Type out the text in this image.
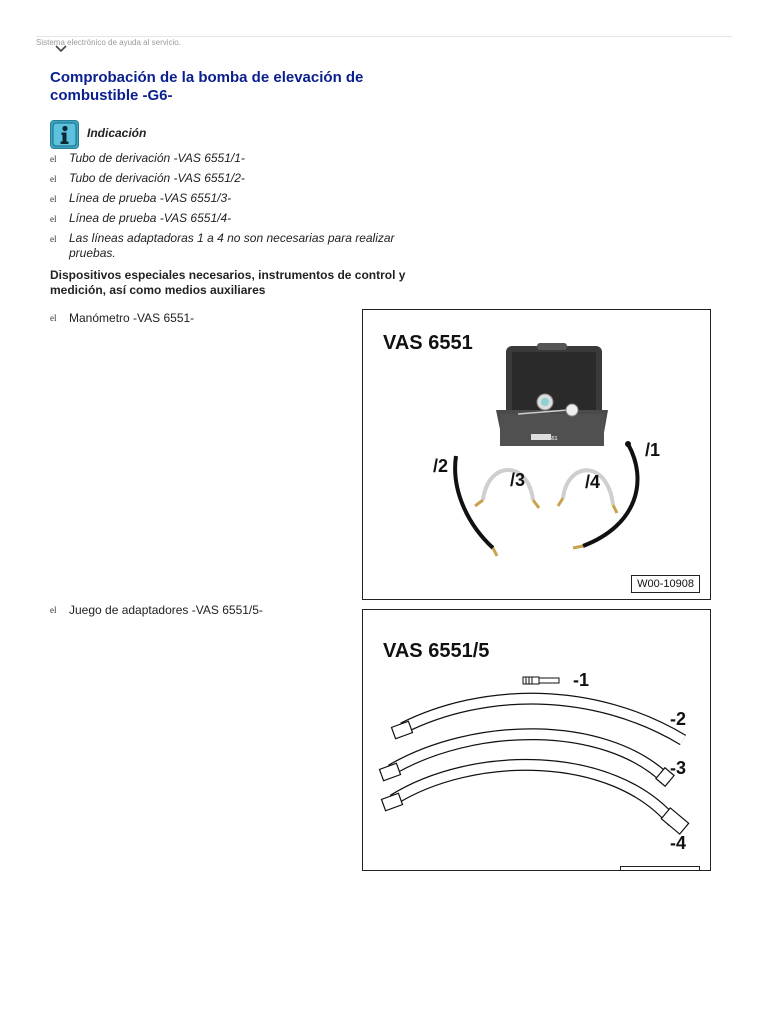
Sistema electrónico de ayuda al servicio.
Comprobación de la bomba de elevación de combustible -G6-
Indicación
el	Tubo de derivación -VAS 6551/1-
el	Tubo de derivación -VAS 6551/2-
el	Línea de prueba -VAS 6551/3-
el	Línea de prueba -VAS 6551/4-
el	Las líneas adaptadoras 1 a 4 no son necesarias para realizar pruebas.
Dispositivos especiales necesarios, instrumentos de control y medición, así como medios auxiliares
el	Manómetro -VAS 6551-
VAS 6551
VAS 6551
/1
/2
/3	/4
W00-10908
el	Juego de adaptadores -VAS 6551/5-
VAS 6551/5
-1
-2
-3
-4
